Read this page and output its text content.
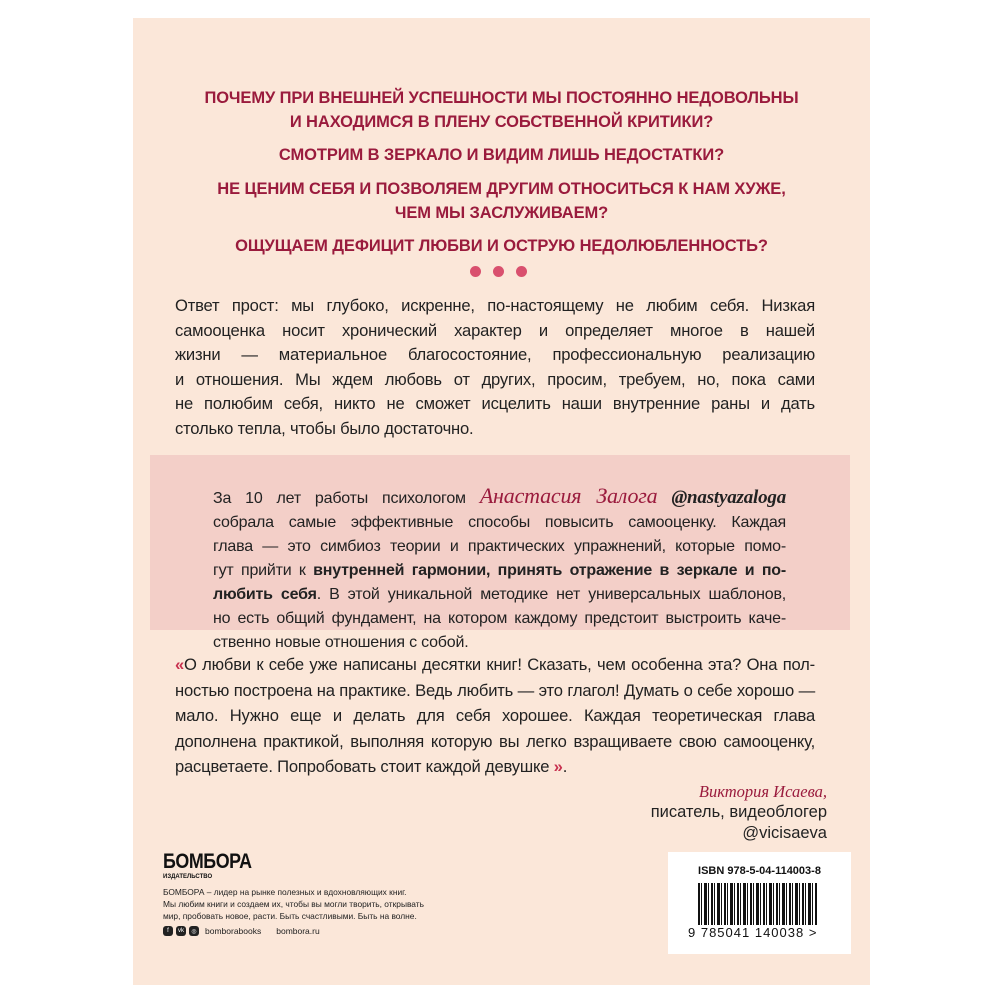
ПОЧЕМУ ПРИ ВНЕШНЕЙ УСПЕШНОСТИ МЫ ПОСТОЯННО НЕДОВОЛЬНЫ
И НАХОДИМСЯ В ПЛЕНУ СОБСТВЕННОЙ КРИТИКИ?
СМОТРИМ В ЗЕРКАЛО И ВИДИМ ЛИШЬ НЕДОСТАТКИ?
НЕ ЦЕНИМ СЕБЯ И ПОЗВОЛЯЕМ ДРУГИМ ОТНОСИТЬСЯ К НАМ ХУЖЕ,
ЧЕМ МЫ ЗАСЛУЖИВАЕМ?
ОЩУЩАЕМ ДЕФИЦИТ ЛЮБВИ И ОСТРУЮ НЕДОЛЮБЛЕННОСТЬ?
Ответ прост: мы глубоко, искренне, по-настоящему не любим себя. Низкая
самооценка носит хронический характер и определяет многое в нашей
жизни — материальное благосостояние, профессиональную реализацию
и отношения. Мы ждем любовь от других, просим, требуем, но, пока сами
не полюбим себя, никто не сможет исцелить наши внутренние раны и дать
столько тепла, чтобы было достаточно.
За 10 лет работы психологом Анастасия Залога @nastyazaloga
собрала самые эффективные способы повысить самооценку. Каждая
глава — это симбиоз теории и практических упражнений, которые помо-
гут прийти к внутренней гармонии, принять отражение в зеркале и по-
любить себя. В этой уникальной методике нет универсальных шаблонов,
но есть общий фундамент, на котором каждому предстоит выстроить каче-
ственно новые отношения с собой.
«О любви к себе уже написаны десятки книг! Сказать, чем особенна эта? Она пол-
ностью построена на практике. Ведь любить — это глагол! Думать о себе хорошо —
мало. Нужно еще и делать для себя хорошее. Каждая теоретическая глава
дополнена практикой, выполняя которую вы легко взращиваете свою самооценку,
расцветаете. Попробовать стоит каждой девушке ».
Виктория Исаева,
писатель, видеоблогер
@vicisaeva
БОМБОРА
ИЗДАТЕЛЬСТВО
БОМБОРА – лидер на рынке полезных и вдохновляющих книг.
Мы любим книги и создаем их, чтобы вы могли творить, открывать
мир, пробовать новое, расти. Быть счастливыми. Быть на волне.
f	vk	◎ bomborabooks bombora.ru
ISBN 978-5-04-114003-8
9 785041 140038 >
